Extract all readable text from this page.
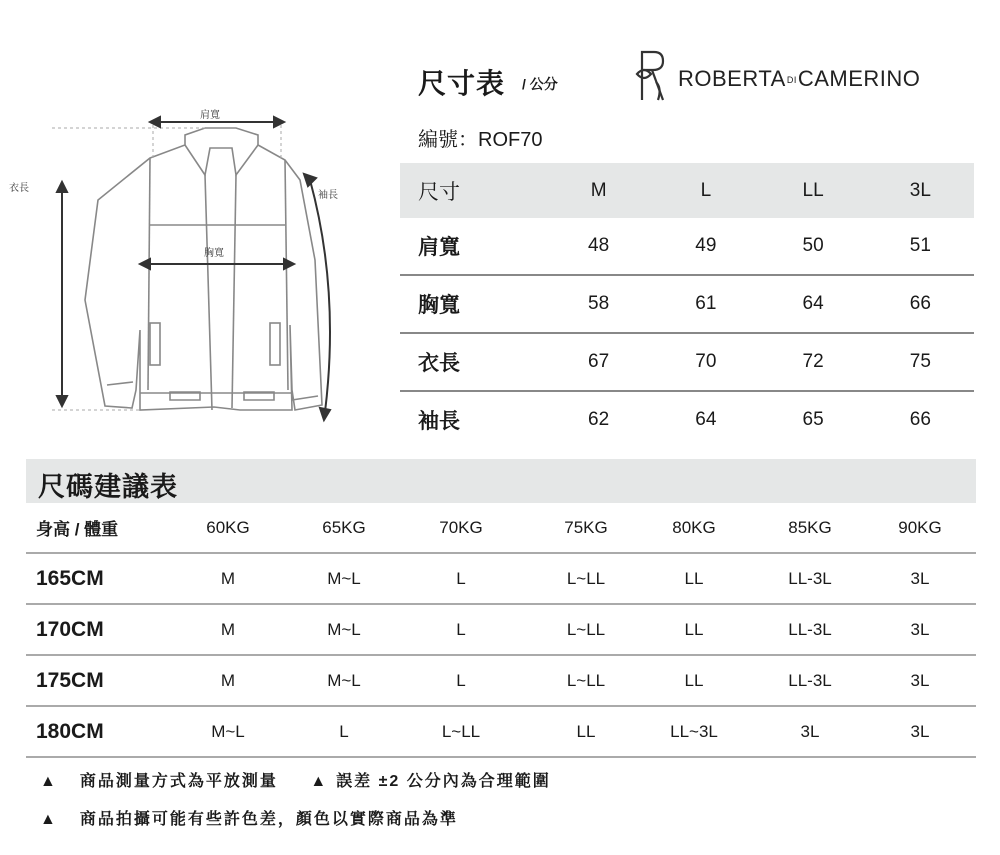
肩寬
胸寬
衣長
袖長
尺寸表 / 公分
編號：ROF70
ROBERTADICAMERINO
尺寸	M	L	LL	3L
肩寬	48	49	50	51
胸寬	58	61	64	66
衣長	67	70	72	75
袖長	62	64	65	66
尺碼建議表
身高 / 體重	60KG	65KG	70KG	75KG	80KG	85KG	90KG
165CM	M	M~L	L	L~LL	LL	LL-3L	3L
170CM	M	M~L	L	L~LL	LL	LL-3L	3L
175CM	M	M~L	L	L~LL	LL	LL-3L	3L
180CM	M~L	L	L~LL	LL	LL~3L	3L	3L
▲ 商品測量方式為平放測量 ▲ 誤差 ±2 公分內為合理範圍
▲ 商品拍攝可能有些許色差，顏色以實際商品為準
